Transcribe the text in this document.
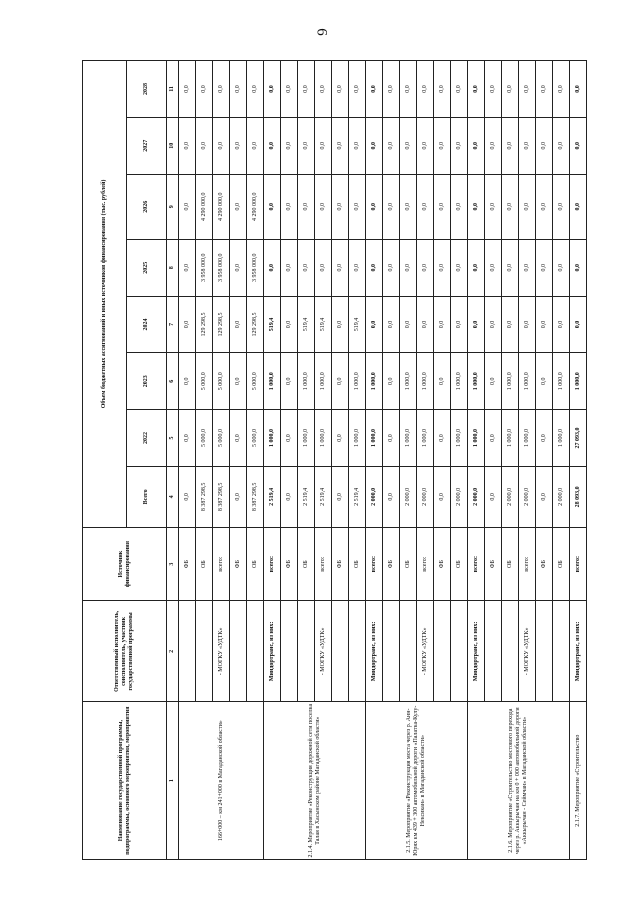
6
Наименование государственной программы, подпрограммы, основного мероприятия, мероприятия	Ответственный исполнитель, соисполнитель, участник государственной программы	Источник финансирования	Объем бюджетных ассигнований и иных источников финансирования (тыс. рублей)							
			Всего	2022	2023	2024	2025	2026	2027	2028
1	2	3	4	5	6	7	8	9	10	11
166+000 – км 241+000 в Магаданской области»		ФБ	0,0	0,0	0,0	0,0	0,0	0,0	0,0	0,0
		ОБ	8 387 298,5	5 000,0	5 000,0	129 298,5	3 958 000,0	4 290 000,0	0,0	0,0
	- МОГКУ «УДТК»	всего:	8 387 298,5	5 000,0	5 000,0	129 298,5	3 958 000,0	4 290 000,0	0,0	0,0
		ФБ	0,0	0,0	0,0	0,0	0,0	0,0	0,0	0,0
		ОБ	8 387 298,5	5 000,0	5 000,0	129 298,5	3 958 000,0	4 290 000,0	0,0	0,0
2.1.4. Мероприятие «Реконструкция дорожной сети поселка Талая в Хасынском районе Магаданской области»	Минд​орт​ранс, из них:	всего:	2 519,4	1 000,0	1 000,0	519,4	0,0	0,0	0,0	0,0
		ФБ	0,0	0,0	0,0	0,0	0,0	0,0	0,0	0,0
		ОБ	2 519,4	1 000,0	1 000,0	519,4	0,0	0,0	0,0	0,0
	- МОГКУ «УДТК»	всего:	2 519,4	1 000,0	1 000,0	519,4	0,0	0,0	0,0	0,0
		ФБ	0,0	0,0	0,0	0,0	0,0	0,0	0,0	0,0
		ОБ	2 519,4	1 000,0	1 000,0	519,4	0,0	0,0	0,0	0,0
2.1.5. Мероприятие «Реконструкция моста через р. Анн-Юрях км 439 + 300 автомобильной дороги «Палатка-Кулу-Нексикан» в Магаданской области»	Миндортранс, из них:	всего:	2 000,0	1 000,0	1 000,0	0,0	0,0	0,0	0,0	0,0
		ФБ	0,0	0,0	0,0	0,0	0,0	0,0	0,0	0,0
		ОБ	2 000,0	1 000,0	1 000,0	0,0	0,0	0,0	0,0	0,0
	- МОГКУ «УДТК»	всего:	2 000,0	1 000,0	1 000,0	0,0	0,0	0,0	0,0	0,0
		ФБ	0,0	0,0	0,0	0,0	0,0	0,0	0,0	0,0
		ОБ	2 000,0	1 000,0	1 000,0	0,0	0,0	0,0	0,0	0,0
2.1.6. Мероприятие «Строительство мостового перехода через р. Аккырычан на км 0 + 000 автомобильной дороги «Аккырычан - Сеймчан» в Магаданской области»	Миндортранс, из них:	всего:	2 000,0	1 000,0	1 000,0	0,0	0,0	0,0	0,0	0,0
		ФБ	0,0	0,0	0,0	0,0	0,0	0,0	0,0	0,0
		ОБ	2 000,0	1 000,0	1 000,0	0,0	0,0	0,0	0,0	0,0
	- МОГКУ «УДТК»	всего:	2 000,0	1 000,0	1 000,0	0,0	0,0	0,0	0,0	0,0
		ФБ	0,0	0,0	0,0	0,0	0,0	0,0	0,0	0,0
		ОБ	2 000,0	1 000,0	1 000,0	0,0	0,0	0,0	0,0	0,0
2.1.7. Мероприятие «Строительство	Миндортранс, из них:	всего:	28 093,0	27 093,0	1 000,0	0,0	0,0	0,0	0,0	0,0
